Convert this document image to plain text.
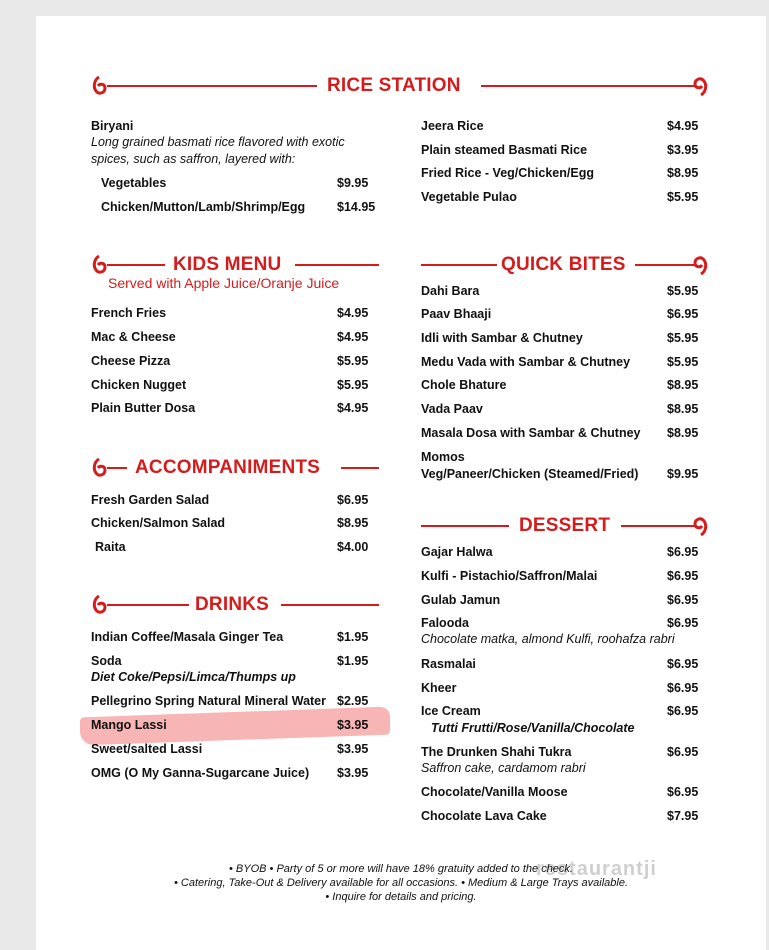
RICE STATION
Biryani
Long grained basmati rice flavored with exotic
spices, such as saffron, layered with:
Vegetables	$9.95
Chicken/Mutton/Lamb/Shrimp/Egg	$14.95
Jeera Rice	$4.95
Plain steamed Basmati Rice	$3.95
Fried Rice - Veg/Chicken/Egg	$8.95
Vegetable Pulao	$5.95
KIDS MENU
Served with Apple Juice/Oranje Juice
French Fries	$4.95
Mac & Cheese	$4.95
Cheese Pizza	$5.95
Chicken Nugget	$5.95
Plain Butter Dosa	$4.95
QUICK BITES
Dahi Bara	$5.95
Paav Bhaaji	$6.95
Idli with Sambar & Chutney	$5.95
Medu Vada with Sambar & Chutney	$5.95
Chole Bhature	$8.95
Vada Paav	$8.95
Masala Dosa with Sambar & Chutney $8.95
Momos
Veg/Paneer/Chicken (Steamed/Fried) $9.95
ACCOMPANIMENTS
Fresh Garden Salad	$6.95
Chicken/Salmon Salad	$8.95
Raita	$4.00
DESSERT
Gajar Halwa	$6.95
Kulfi - Pistachio/Saffron/Malai	$6.95
Gulab Jamun	$6.95
Falooda	$6.95
Chocolate matka, almond Kulfi, roohafza rabri
Rasmalai	$6.95
Kheer	$6.95
Ice Cream	$6.95
Tutti Frutti/Rose/Vanilla/Chocolate
The Drunken Shahi Tukra	$6.95
Saffron cake, cardamom rabri
Chocolate/Vanilla Moose	$6.95
Chocolate Lava Cake	$7.95
DRINKS
Indian Coffee/Masala Ginger Tea	$1.95
Soda	$1.95
Diet Coke/Pepsi/Limca/Thumps up
Pellegrino Spring Natural Mineral Water $2.95
Mango Lassi	$3.95
Sweet/salted Lassi	$3.95
OMG (O My Ganna-Sugarcane Juice) $3.95
restaurantji
• BYOB • Party of 5 or more will have 18% gratuity added to the check.
• Catering, Take-Out & Delivery available for all occasions. • Medium & Large Trays available.
• Inquire for details and pricing.
